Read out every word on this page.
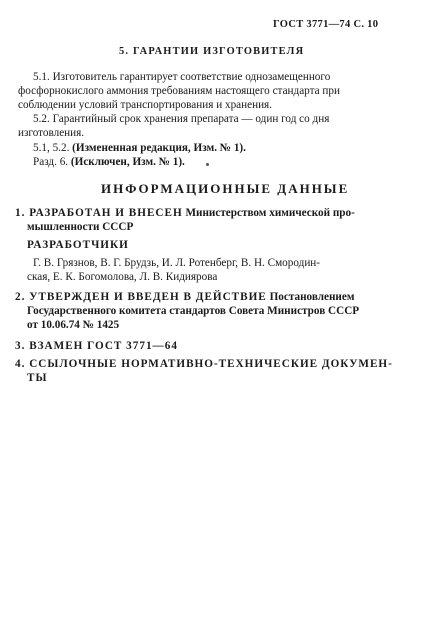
ГОСТ 3771—74 С. 10
5. ГАРАНТИИ ИЗГОТОВИТЕЛЯ
5.1. Изготовитель гарантирует соответствие однозамещенного
фосфорнокислого аммония требованиям настоящего стандарта при
соблюдении условий транспортирования и хранения.
5.2. Гарантийный срок хранения препарата — один год со дня
изготовления.
5.1, 5.2. (Измененная редакция, Изм. № 1).
Разд. 6. (Исключен, Изм. № 1).
ИНФОРМАЦИОННЫЕ ДАННЫЕ
1. РАЗРАБОТАН И ВНЕСЕН Министерством химической про-
мышленности СССР
РАЗРАБОТЧИКИ
Г. В. Грязнов, В. Г. Брудзь, И. Л. Ротенберг, В. Н. Смородин-
ская, Е. К. Богомолова, Л. В. Кидиярова
2. УТВЕРЖДЕН И ВВЕДЕН В ДЕЙСТВИЕ Постановлением
Государственного комитета стандартов Совета Министров СССР
от 10.06.74 № 1425
3. ВЗАМЕН ГОСТ 3771—64
4. ССЫЛОЧНЫЕ НОРМАТИВНО-ТЕХНИЧЕСКИЕ ДОКУМЕН-
ТЫ
